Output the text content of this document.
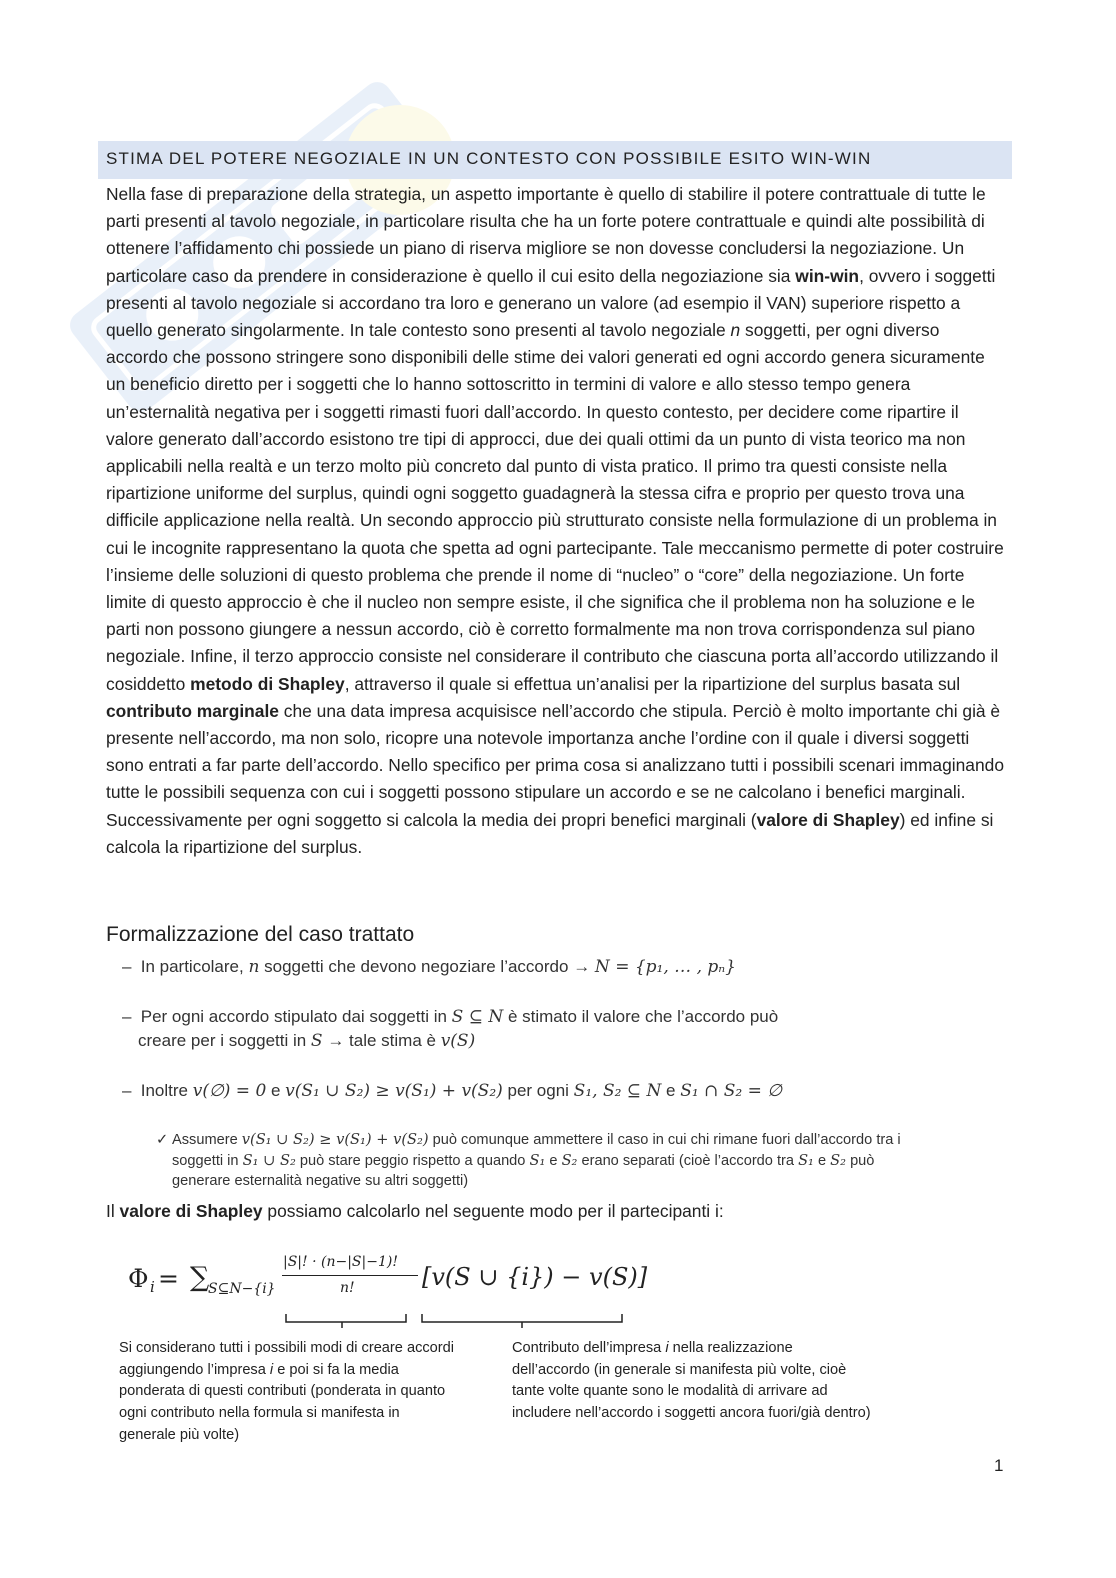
STIMA DEL POTERE NEGOZIALE IN UN CONTESTO CON POSSIBILE ESITO WIN-WIN

Nella fase di preparazione della strategia, un aspetto importante è quello di stabilire il potere contrattuale di tutte le parti presenti al tavolo negoziale, in particolare risulta che ha un forte potere contrattuale e quindi alte possibilità di ottenere l’affidamento chi possiede un piano di riserva migliore se non dovesse concludersi la negoziazione. Un particolare caso da prendere in considerazione è quello il cui esito della negoziazione sia win-win, ovvero i soggetti presenti al tavolo negoziale si accordano tra loro e generano un valore (ad esempio il VAN) superiore rispetto a quello generato singolarmente. In tale contesto sono presenti al tavolo negoziale n soggetti, per ogni diverso accordo che possono stringere sono disponibili delle stime dei valori generati ed ogni accordo genera sicuramente un beneficio diretto per i soggetti che lo hanno sottoscritto in termini di valore e allo stesso tempo genera un’esternalità negativa per i soggetti rimasti fuori dall’accordo. In questo contesto, per decidere come ripartire il valore generato dall’accordo esistono tre tipi di approcci, due dei quali ottimi da un punto di vista teorico ma non applicabili nella realtà e un terzo molto più concreto dal punto di vista pratico. Il primo tra questi consiste nella ripartizione uniforme del surplus, quindi ogni soggetto guadagnerà la stessa cifra e proprio per questo trova una difficile applicazione nella realtà. Un secondo approccio più strutturato consiste nella formulazione di un problema in cui le incognite rappresentano la quota che spetta ad ogni partecipante. Tale meccanismo permette di poter costruire l’insieme delle soluzioni di questo problema che prende il nome di “nucleo” o “core” della negoziazione. Un forte limite di questo approccio è che il nucleo non sempre esiste, il che significa che il problema non ha soluzione e le parti non possono giungere a nessun accordo, ciò è corretto formalmente ma non trova corrispondenza sul piano negoziale. Infine, il terzo approccio consiste nel considerare il contributo che ciascuna porta all’accordo utilizzando il cosiddetto metodo di Shapley, attraverso il quale si effettua un’analisi per la ripartizione del surplus basata sul contributo marginale che una data impresa acquisisce nell’accordo che stipula. Perciò è molto importante chi già è presente nell’accordo, ma non solo, ricopre una notevole importanza anche l’ordine con il quale i diversi soggetti sono entrati a far parte dell’accordo. Nello specifico per prima cosa si analizzano tutti i possibili scenari immaginando tutte le possibili sequenza con cui i soggetti possono stipulare un accordo e se ne calcolano i benefici marginali. Successivamente per ogni soggetto si calcola la media dei propri benefici marginali (valore di Shapley) ed infine si calcola la ripartizione del surplus.

Formalizzazione del caso trattato
– In particolare, n soggetti che devono negoziare l’accordo → N = {p₁, … , pₙ}
– Per ogni accordo stipulato dai soggetti in S ⊆ N è stimato il valore che l’accordo può
creare per i soggetti in S → tale stima è v(S)
– Inoltre v(∅) = 0 e v(S₁ ∪ S₂) ≥ v(S₁) + v(S₂) per ogni S₁, S₂ ⊆ N e S₁ ∩ S₂ = ∅
✓ Assumere v(S₁ ∪ S₂) ≥ v(S₁) + v(S₂) può comunque ammettere il caso in cui chi rimane fuori dall’accordo tra i soggetti in S₁ ∪ S₂ può stare peggio rispetto a quando S₁ e S₂ erano separati (cioè l’accordo tra S₁ e S₂ può generare esternalità negative su altri soggetti)
Il valore di Shapley possiamo calcolarlo nel seguente modo per il partecipanti i:
Φ i = ∑
S⊆N−{i}
|S|! · (n−|S|−1)!
n!	[v(S ∪ {i}) − v(S)]
Si considerano tutti i possibili modi di creare accordi aggiungendo l’impresa i e poi si fa la media ponderata di questi contributi (ponderata in quanto ogni contributo nella formula si manifesta in generale più volte)
Contributo dell’impresa i nella realizzazione dell’accordo (in generale si manifesta più volte, cioè tante volte quante sono le modalità di arrivare ad includere nell’accordo i soggetti ancora fuori/già dentro)
1
